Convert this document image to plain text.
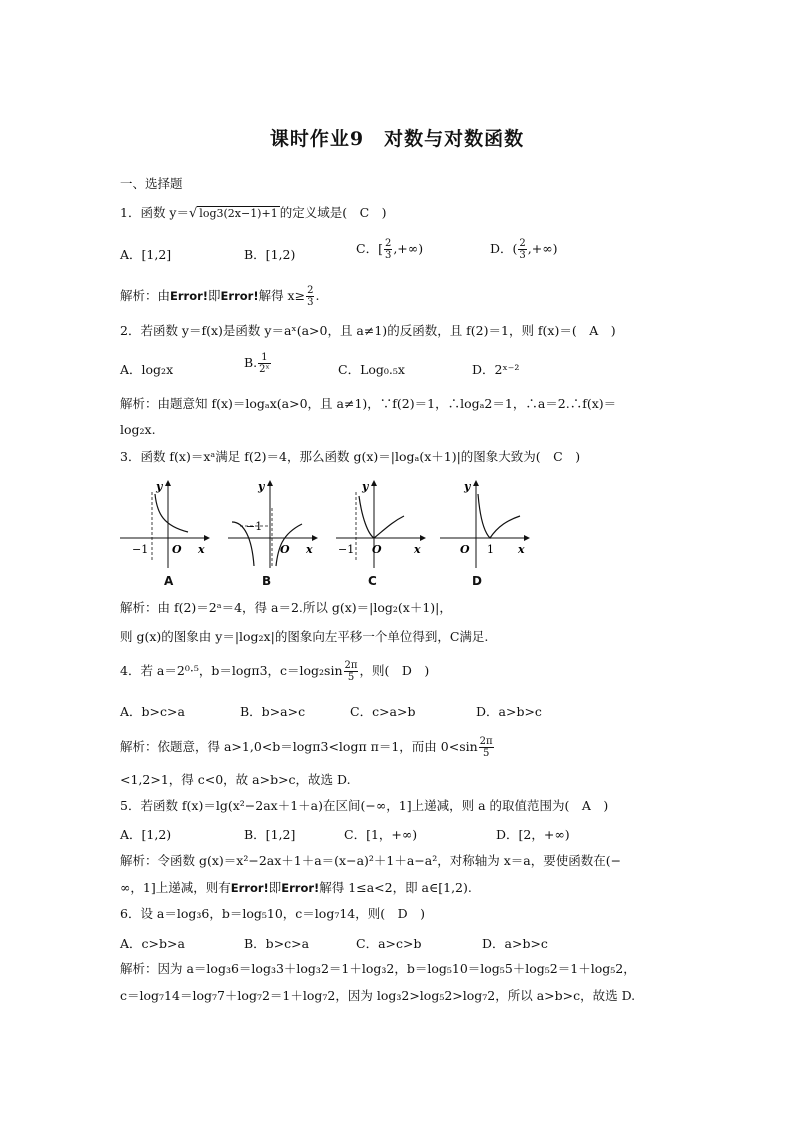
课时作业9　对数与对数函数
一、选择题
1．函数 y＝√ log3(2x−1)+1 的定义域是(　C　)
A．[1,2]	B．[1,2)	C．[ $\frac{2}{3}$ ,+∞)	D．( $\frac{2}{3}$ ,+∞)
解析：由Error!即Error!解得 $x\ge \frac{2}{3}$ .
2．若函数 y＝f(x)是函数 y＝aˣ(a>0，且 a≠1)的反函数，且 f(2)＝1，则 f(x)＝(　A　)
A．log₂x	B. $\frac{1}{\text{2ˣ}}$	C．Log₀.₅x	D．2ˣ⁻²
解析：由题意知 f(x)＝logₐx(a>0，且 a≠1)，∵f(2)＝1，∴logₐ2＝1，∴a＝2.∴f(x)＝
log₂x.
3．函数 f(x)＝xᵃ满足 f(2)＝4，那么函数 g(x)＝|logₐ(x＋1)|的图象大致为(　C　)
y
x
O
−1
y
x
O
−1
y
x
O
−1
y
x
O 1
A	B	C	D
解析：由 f(2)＝2ᵃ＝4，得 a＝2.所以 g(x)＝|log₂(x＋1)|，
则 g(x)的图象由 y＝|log₂x|的图象向左平移一个单位得到，C满足.
4．若 a＝2⁰·⁵，b＝logπ3，$c=\log_2\sin \frac{2\pi}{5}$ ，则(　D　)
A．b>c>a	B．b>a>c	C．c>a>b	D．a>b>c
解析：依题意，得 a>1,0<b＝logπ3<logπ π＝1，而由 $0<\sin \frac{2\pi}{5}$
<1,2>1，得 c<0，故 a>b>c，故选 D.
5．若函数 f(x)＝lg(x²−2ax＋1＋a)在区间(−∞，1]上递减，则 a 的取值范围为(　A　)
A．[1,2)	B．[1,2]	C．[1，+∞)	D．[2，+∞)
解析：令函数 g(x)＝x²−2ax＋1＋a＝(x−a)²＋1＋a−a²，对称轴为 x＝a，要使函数在(−
∞，1]上递减，则有Error!即Error!解得 1≤a<2，即 a∈[1,2).
6．设 a＝log₃6，b＝log₅10，c＝log₇14，则(　D　)
A．c>b>a	B．b>c>a	C．a>c>b	D．a>b>c
解析：因为 a＝log₃6＝log₃3＋log₃2＝1＋log₃2，b＝log₅10＝log₅5＋log₅2＝1＋log₅2，
c＝log₇14＝log₇7＋log₇2＝1＋log₇2，因为 log₃2>log₅2>log₇2，所以 a>b>c，故选 D.
